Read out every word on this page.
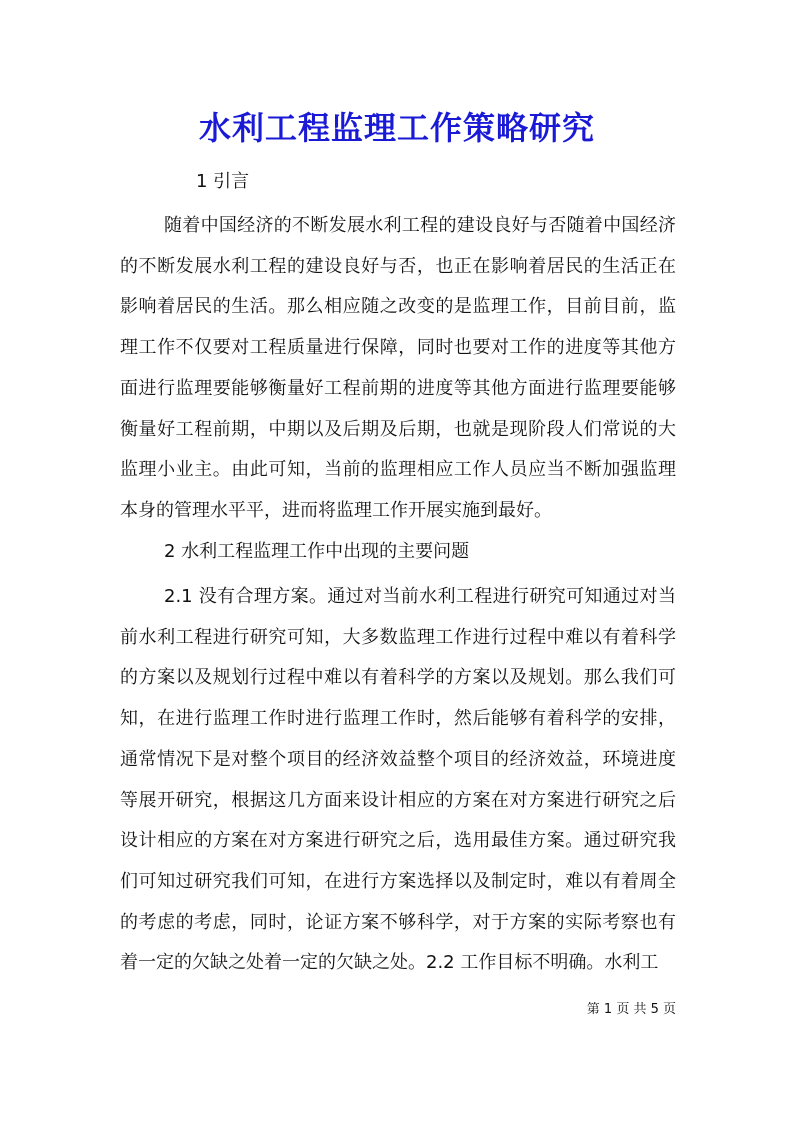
水利工程监理工作策略研究

1 引言

随着中国经济的不断发展水利工程的建设良好与否随着中国经济的不断发展水利工程的建设良好与否，也正在影响着居民的生活正在影响着居民的生活。那么相应随之改变的是监理工作，目前目前，监理工作不仅要对工程质量进行保障，同时也要对工作的进度等其他方面进行监理要能够衡量好工程前期的进度等其他方面进行监理要能够衡量好工程前期，中期以及后期及后期，也就是现阶段人们常说的大监理小业主。由此可知，当前的监理相应工作人员应当不断加强监理本身的管理水平平，进而将监理工作开展实施到最好。

2 水利工程监理工作中出现的主要问题

2.1 没有合理方案。通过对当前水利工程进行研究可知通过对当前水利工程进行研究可知，大多数监理工作进行过程中难以有着科学的方案以及规划行过程中难以有着科学的方案以及规划。那么我们可知，在进行监理工作时进行监理工作时，然后能够有着科学的安排，通常情况下是对整个项目的经济效益整个项目的经济效益，环境进度等展开研究，根据这几方面来设计相应的方案在对方案进行研究之后设计相应的方案在对方案进行研究之后，选用最佳方案。通过研究我们可知过研究我们可知，在进行方案选择以及制定时，难以有着周全的考虑的考虑，同时，论证方案不够科学，对于方案的实际考察也有着一定的欠缺之处着一定的欠缺之处。2.2 工作目标不明确。水利工

第 1 页 共 5 页
